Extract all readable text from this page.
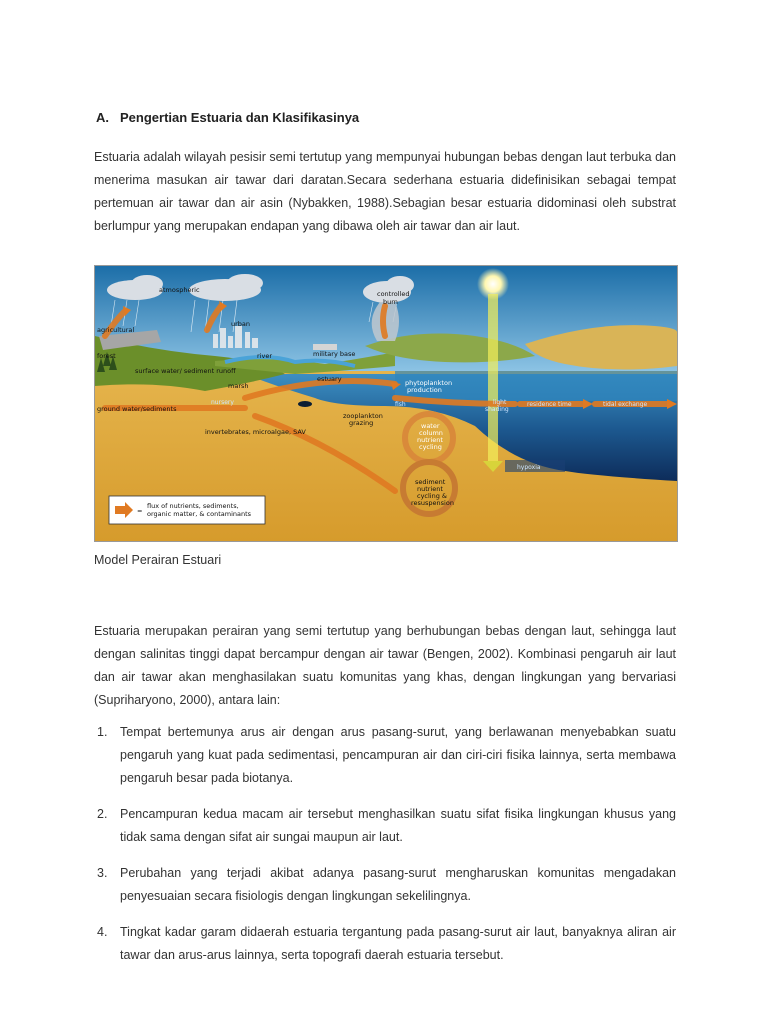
A. Pengertian Estuaria dan Klasifikasinya
Estuaria adalah wilayah pesisir semi tertutup yang mempunyai hubungan bebas dengan laut terbuka dan menerima masukan air tawar dari daratan.Secara sederhana estuaria didefinisikan sebagai tempat pertemuan air tawar dan air asin (Nybakken, 1988).Sebagian besar estuaria didominasi oleh substrat berlumpur yang merupakan endapan yang dibawa oleh air tawar dan air laut.
atmospheric
agricultural
urban
controlled
burn
forest	river	military base
surface water/ sediment runoff
marsh
estuary	phytoplankton
production
ground water/sediments
nursery	fish
zooplankton
grazing
light
shading
residence time	tidal exchange
invertebrates, microalgae, SAV
water
column
nutrient
cycling
hypoxia
sediment
nutrient
cycling &
resuspension
=
flux of nutrients, sediments,
organic matter, & contaminants
Model Perairan Estuari
Estuaria merupakan perairan yang semi tertutup yang berhubungan bebas dengan laut, sehingga laut dengan salinitas tinggi dapat bercampur dengan air tawar (Bengen, 2002). Kombinasi pengaruh air laut dan air tawar akan menghasilakan suatu komunitas yang khas, dengan lingkungan yang bervariasi (Supriharyono, 2000), antara lain:
1. Tempat bertemunya arus air dengan arus pasang-surut, yang berlawanan menyebabkan suatu pengaruh yang kuat pada sedimentasi, pencampuran air dan ciri-ciri fisika lainnya, serta membawa pengaruh besar pada biotanya.
2. Pencampuran kedua macam air tersebut menghasilkan suatu sifat fisika lingkungan khusus yang tidak sama dengan sifat air sungai maupun air laut.
3. Perubahan yang terjadi akibat adanya pasang-surut mengharuskan komunitas mengadakan penyesuaian secara fisiologis dengan lingkungan sekelilingnya.
4. Tingkat kadar garam didaerah estuaria tergantung pada pasang-surut air laut, banyaknya aliran air tawar dan arus-arus lainnya, serta topografi daerah estuaria tersebut.
